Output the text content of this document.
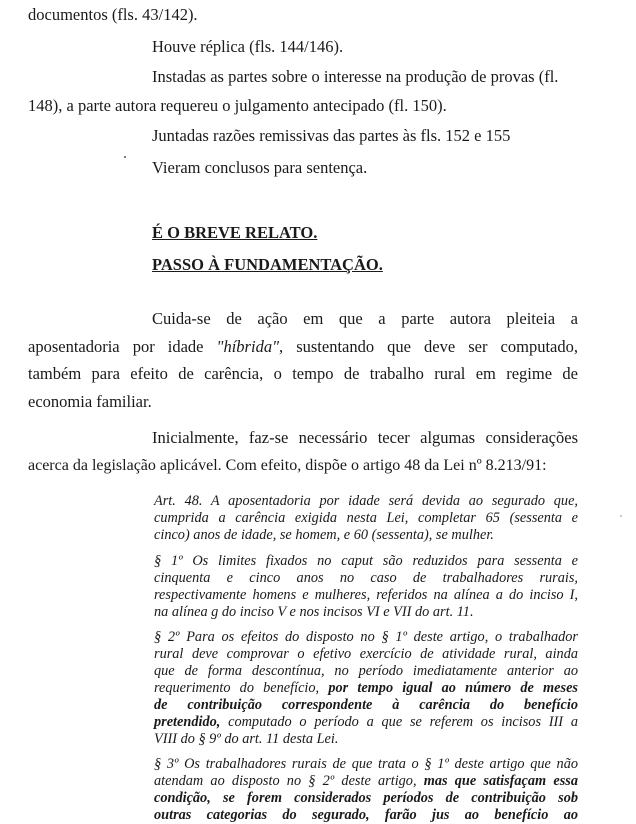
documentos (fls. 43/142).
Houve réplica (fls. 144/146).
Instadas as partes sobre o interesse na produção de provas (fl.
148), a parte autora requereu o julgamento antecipado (fl. 150).
Juntadas razões remissivas das partes às fls. 152 e 155
Vieram conclusos para sentença.
É O BREVE RELATO.
PASSO À FUNDAMENTAÇÃO.
Cuida-se de ação em que a parte autora pleiteia a
aposentadoria por idade "híbrida", sustentando que deve ser computado,
também para efeito de carência, o tempo de trabalho rural em regime de
economia familiar.
Inicialmente, faz-se necessário tecer algumas considerações
acerca da legislação aplicável. Com efeito, dispõe o artigo 48 da Lei nº 8.213/91:
Art. 48. A aposentadoria por idade será devida ao segurado que,
cumprida a carência exigida nesta Lei, completar 65 (sessenta e
cinco) anos de idade, se homem, e 60 (sessenta), se mulher.
§ 1º Os limites fixados no caput são reduzidos para sessenta e
cinquenta e cinco anos no caso de trabalhadores rurais,
respectivamente homens e mulheres, referidos na alínea a do inciso I,
na alínea g do inciso V e nos incisos VI e VII do art. 11.
§ 2º Para os efeitos do disposto no § 1º deste artigo, o trabalhador
rural deve comprovar o efetivo exercício de atividade rural, ainda
que de forma descontínua, no período imediatamente anterior ao
requerimento do benefício, por tempo igual ao número de meses
de contribuição correspondente à carência do benefício
pretendido, computado o período a que se referem os incisos III a
VIII do § 9º do art. 11 desta Lei.
§ 3º Os trabalhadores rurais de que trata o § 1º deste artigo que não
atendam ao disposto no § 2º deste artigo, mas que satisfaçam essa
condição, se forem considerados períodos de contribuição sob
outras categorias do segurado, farão jus ao benefício ao
